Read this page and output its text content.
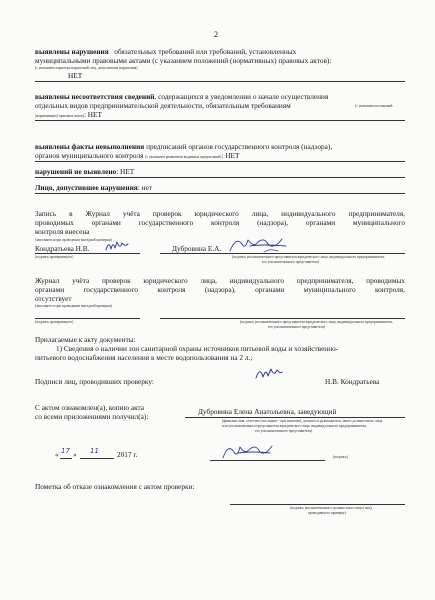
2
выявлены нарушения обязательных требований или требований, установленных
муниципальными правовыми актами (с указанием положений (нормативных) правовых актов):
(с указанием характера нарушений; лиц, допустивших нарушения)
НЕТ
выявлены несоответствия сведений, содержащихся в уведомлении о начале осуществления
отдельных видов предпринимательской деятельности, обязательным требованиям	(с указанием положений
(нормативных) правовых актов): НЕТ
выявлены факты невыполнения предписаний органов государственного контроля (надзора),
органов муниципального контроля (с указанием реквизитов выданных предписаний): НЕТ
нарушений не выявлено: НЕТ
Лицо, допустившее нарушения: нет
Запись в Журнал учёта проверок юридического лица, индивидуального предпринимателя,
проводимых органами государственного контроля (надзора), органами муниципального
контроля внесена
(заполняется при проведении выездной проверки)
Кондратьева Н.В.
(подпись проверяющего)
Дубровина Е.А.
(подпись уполномоченного представителя юридического лица, индивидуального предпринимателя,
его уполномоченного представителя)
Журнал учёта проверок юридического лица, индивидуального предпринимателя, проводимых
органами государственного контроля (надзора), органами муниципального контроля,
отсутствует
(заполняется при проведении выездной проверки)
(подпись проверяющего)	(подпись уполномоченного представителя юридического лица, индивидуального предпринимателя,
его уполномоченного представителя)
Прилагаемые к акту документы:
1) Сведения о наличии зон санитарной охраны источников питьевой воды и хозяйственно-
питьевого водоснабжения населения в месте водопользования на 2 л.;
Подписи лиц, проводивших проверку:	Н.В. Кондратьева
С актом ознакомлен(а), копию акта
со всеми приложениями получил(а):
Дубровина Елена Анатольевна, заведующий
(фамилия, имя, отчество (последнее - при наличии), должность руководителя, иного должностного лица
или уполномоченного представителя юридического лица, индивидуального предпринимателя,
его уполномоченного представителя)
« 17 » 11 2017 г.	(подпись)
Пометка об отказе ознакомления с актом проверки:
(подпись уполномоченного должностного лица (лиц),
проводившего проверку)
